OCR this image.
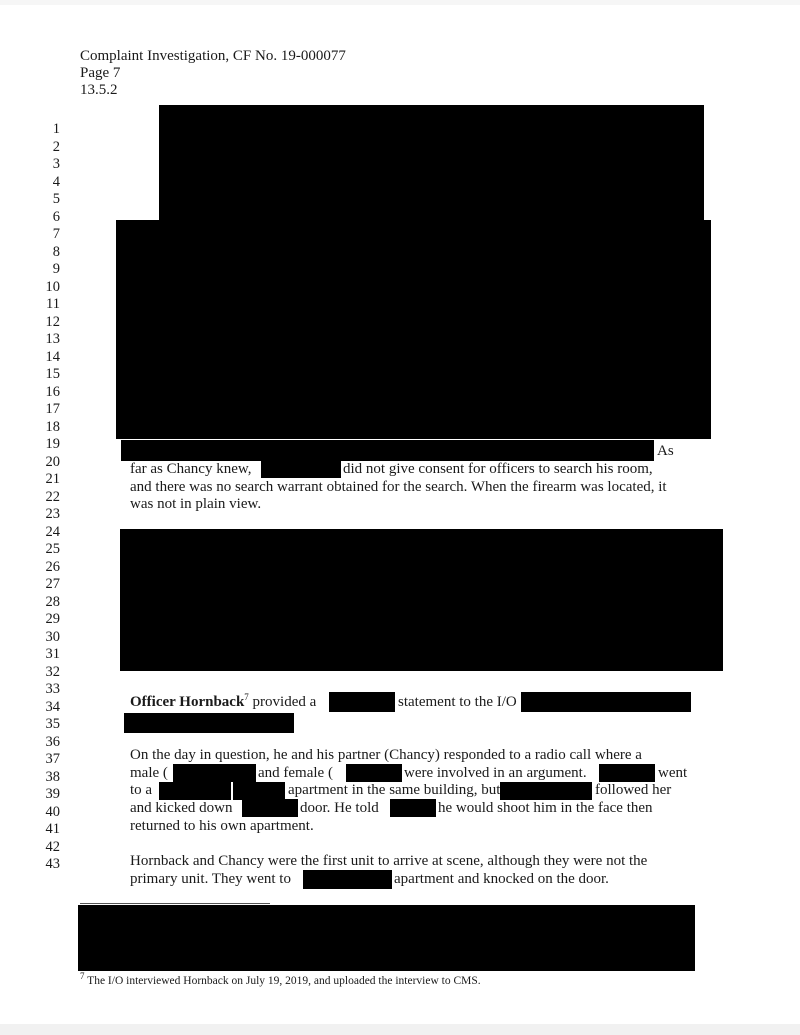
Complaint Investigation, CF No. 19-000077
Page 7
13.5.2
1
2
3
4
5
6
7
8
9
10
11
12
13
14
15
16
17
18
19
20
21
22
23
24
25
26
27
28
29
30
31
32
33
34
35
36
37
38
39
40
41
42
43
As
far as Chancy knew,	did not give consent for officers to search his room,
and there was no search warrant obtained for the search. When the firearm was located, it
was not in plain view.
Officer Hornback$^7$ provided a	statement to the I/O
On the day in question, he and his partner (Chancy) responded to a radio call where a
male (	and female (	were involved in an argument.	went
to a	apartment in the same building, but	followed her
and kicked down	door. He told	he would shoot him in the face then
returned to his own apartment.
Hornback and Chancy were the first unit to arrive at scene, although they were not the
primary unit. They went to	apartment and knocked on the door.
$^7$ The I/O interviewed Hornback on July 19, 2019, and uploaded the interview to CMS.
